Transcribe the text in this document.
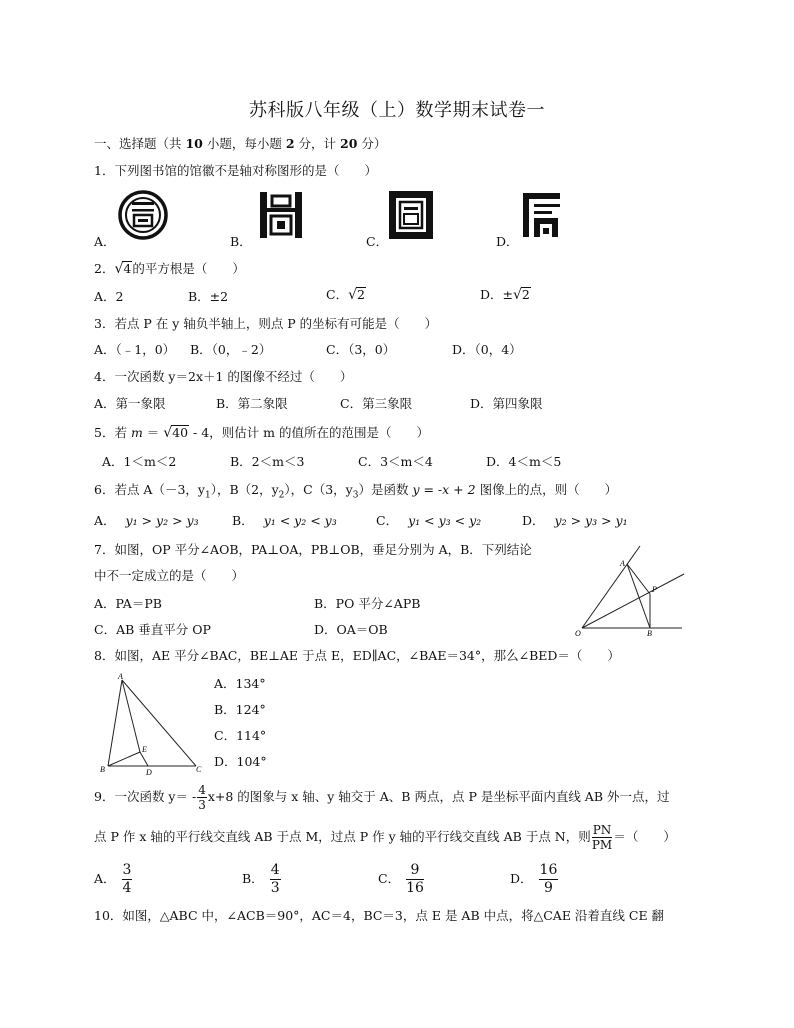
苏科版八年级（上）数学期末试卷一
一、选择题（共 10 小题，每小题 2 分，计 20 分）
1．下列图书馆的馆徽不是轴对称图形的是（　　）
A．	B．	C．	D．
2．√4的平方根是（　　）
A．2	B．±2	C．√2	D．±√2
3．若点 P 在 y 轴负半轴上，则点 P 的坐标有可能是（　　）
A．（﹣1，0） B．（0，﹣2）	C．（3，0）	D．（0，4）
4．一次函数 y＝2x＋1 的图像不经过（　　）
A．第一象限	B．第二象限	C．第三象限	D．第四象限
5．若 m ＝ √40 - 4，则估计 m 的值所在的范围是（　　）
A．1＜m＜2	B．2＜m＜3	C．3＜m＜4	D．4＜m＜5
6．若点 A（－3，$y_1$），B（2，$y_2$），C（3，$y_3$）是函数 y = -x + 2 图像上的点，则（　　）
A． y₁ > y₂ > y₃	B． y₁ < y₂ < y₃	C． y₁ < y₃ < y₂	D． y₂ > y₃ > y₁
7．如图，OP 平分∠AOB，PA⊥OA，PB⊥OB，垂足分别为 A，B．下列结论
中不一定成立的是（　　）
A．PA＝PB	B．PO 平分∠APB
C．AB 垂直平分 OP	D．OA＝OB
A
P
O	B
8．如图，AE 平分∠BAC，BE⊥AE 于点 E，ED∥AC，∠BAE＝34°，那么∠BED＝（　　）
A．134°
B．124°
C．114°
D．104°
A
E
B	D	C
9．一次函数 $y= - \frac{4}{3} x+8$ 的图象与 x 轴、y 轴交于 A、B 两点，点 P 是坐标平面内直线 AB 外一点，过
点 P 作 x 轴的平行线交直线 AB 于点 M，过点 P 作 y 轴的平行线交直线 AB 于点 N，则 $\frac{PN}{PM}$ ＝（　　）
A． $\frac{3}{4}$	B． $\frac{4}{3}$	C． $\frac{9}{16}$	D． $\frac{16}{9}$
10．如图，△ABC 中，∠ACB＝90°，AC＝4，BC＝3，点 E 是 AB 中点，将△CAE 沿着直线 CE 翻
